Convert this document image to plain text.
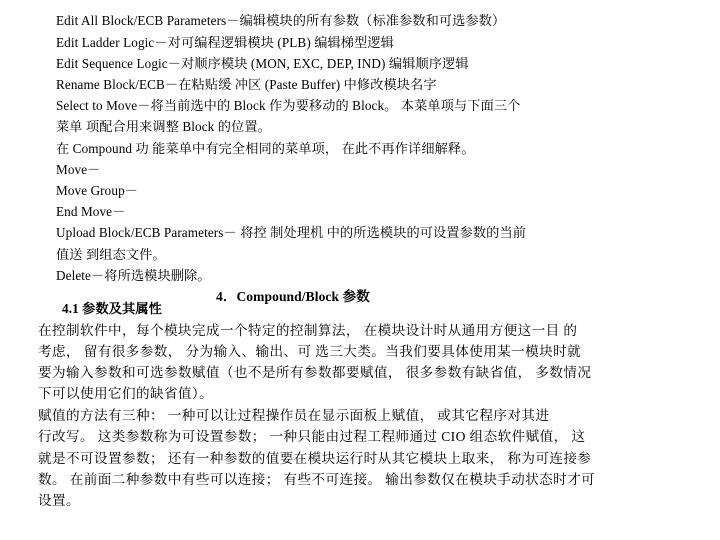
Edit All Block/ECB Parameters－编辑模块的所有参数（标准参数和可选参数）
Edit Ladder Logic－对可编程逻辑模块 (PLB) 编辑梯型逻辑
Edit Sequence Logic－对顺序模块 (MON, EXC, DEP, IND) 编辑顺序逻辑
Rename Block/ECB－在粘贴缓 冲区 (Paste Buffer) 中修改模块名字
Select to Move－将当前选中的 Block 作为要移动的 Block。 本菜单项与下面三个
菜单 项配合用来调整 Block 的位置。
在 Compound 功 能菜单中有完全相同的菜单项， 在此不再作详细解释。
Move－
Move Group－
End Move－
Upload Block/ECB Parameters－ 将控 制处理机 中的所选模块的可设置参数的当前
值送 到组态文件。
Delete－将所选模块删除。
4．Compound/Block 参数
4.1 参数及其属性
在控制软件中，每个模块完成一个特定的控制算法， 在模块设计时从通用方便这一目 的
考虑， 留有很多参数， 分为输入、输出、可 选三大类。当我们要具体使用某一模块时就
要为输入参数和可选参数赋值（也不是所有参数都要赋值， 很多参数有缺省值， 多数情况
下可以使用它们的缺省值）。
赋值的方法有三种： 一种可以让过程操作员在显示面板上赋值， 或其它程序对其进
行改写。 这类参数称为可设置参数； 一种只能由过程工程师通过 CIO 组态软件赋值， 这
就是不可设置参数； 还有一种参数的值要在模块运行时从其它模块上取来， 称为可连接参
数。 在前面二种参数中有些可以连接； 有些不可连接。 输出参数仅在模块手动状态时才可
设置。
